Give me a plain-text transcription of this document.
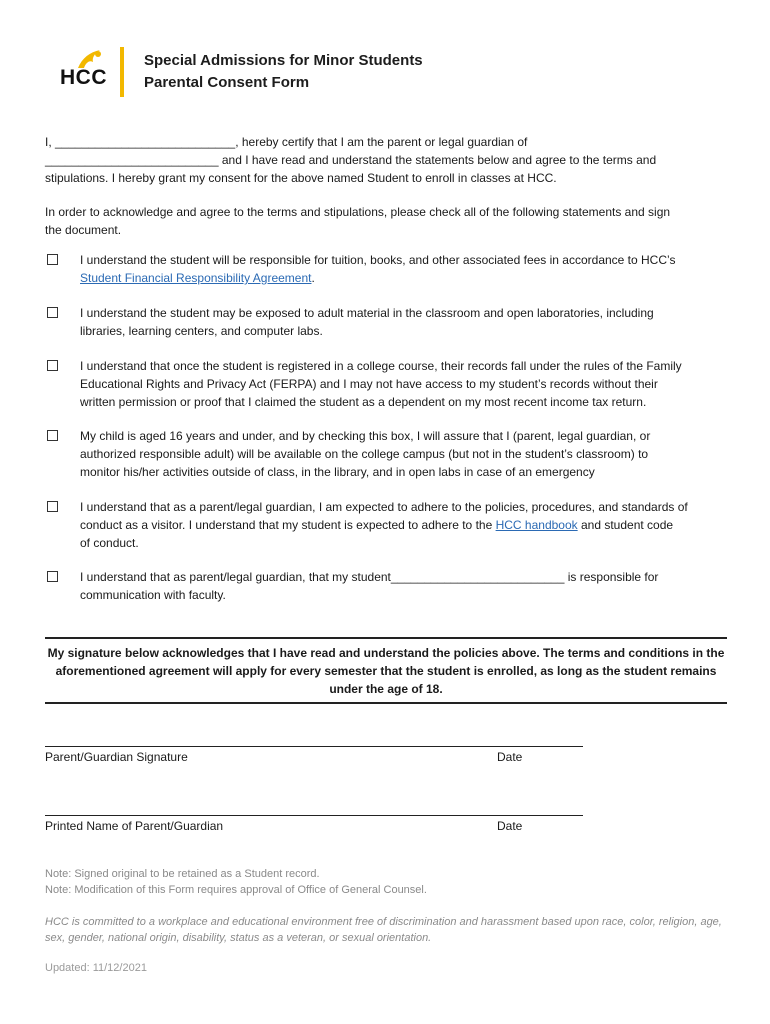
HCC
Special Admissions for Minor Students
Parental Consent Form
I, ___________________________, hereby certify that I am the parent or legal guardian of
__________________________ and I have read and understand the statements below and agree to the terms and
stipulations. I hereby grant my consent for the above named Student to enroll in classes at HCC.
In order to acknowledge and agree to the terms and stipulations, please check all of the following statements and sign
the document.
I understand the student will be responsible for tuition, books, and other associated fees in accordance to HCC’s
Student Financial Responsibility Agreement.
I understand the student may be exposed to adult material in the classroom and open laboratories, including
libraries, learning centers, and computer labs.
I understand that once the student is registered in a college course, their records fall under the rules of the Family
Educational Rights and Privacy Act (FERPA) and I may not have access to my student’s records without their
written permission or proof that I claimed the student as a dependent on my most recent income tax return.
My child is aged 16 years and under, and by checking this box, I will assure that I (parent, legal guardian, or
authorized responsible adult) will be available on the college campus (but not in the student’s classroom) to
monitor his/her activities outside of class, in the library, and in open labs in case of an emergency
I understand that as a parent/legal guardian, I am expected to adhere to the policies, procedures, and standards of
conduct as a visitor. I understand that my student is expected to adhere to the HCC handbook and student code
of conduct.
I understand that as parent/legal guardian, that my student__________________________ is responsible for
communication with faculty.
My signature below acknowledges that I have read and understand the policies above. The terms and conditions in the aforementioned agreement will apply for every semester that the student is enrolled, as long as the student remains under the age of 18.
Parent/Guardian Signature	Date
Printed Name of Parent/Guardian	Date
Note: Signed original to be retained as a Student record.
Note: Modification of this Form requires approval of Office of General Counsel.
HCC is committed to a workplace and educational environment free of discrimination and harassment based upon race, color, religion, age, sex, gender, national origin, disability, status as a veteran, or sexual orientation.
Updated: 11/12/2021
